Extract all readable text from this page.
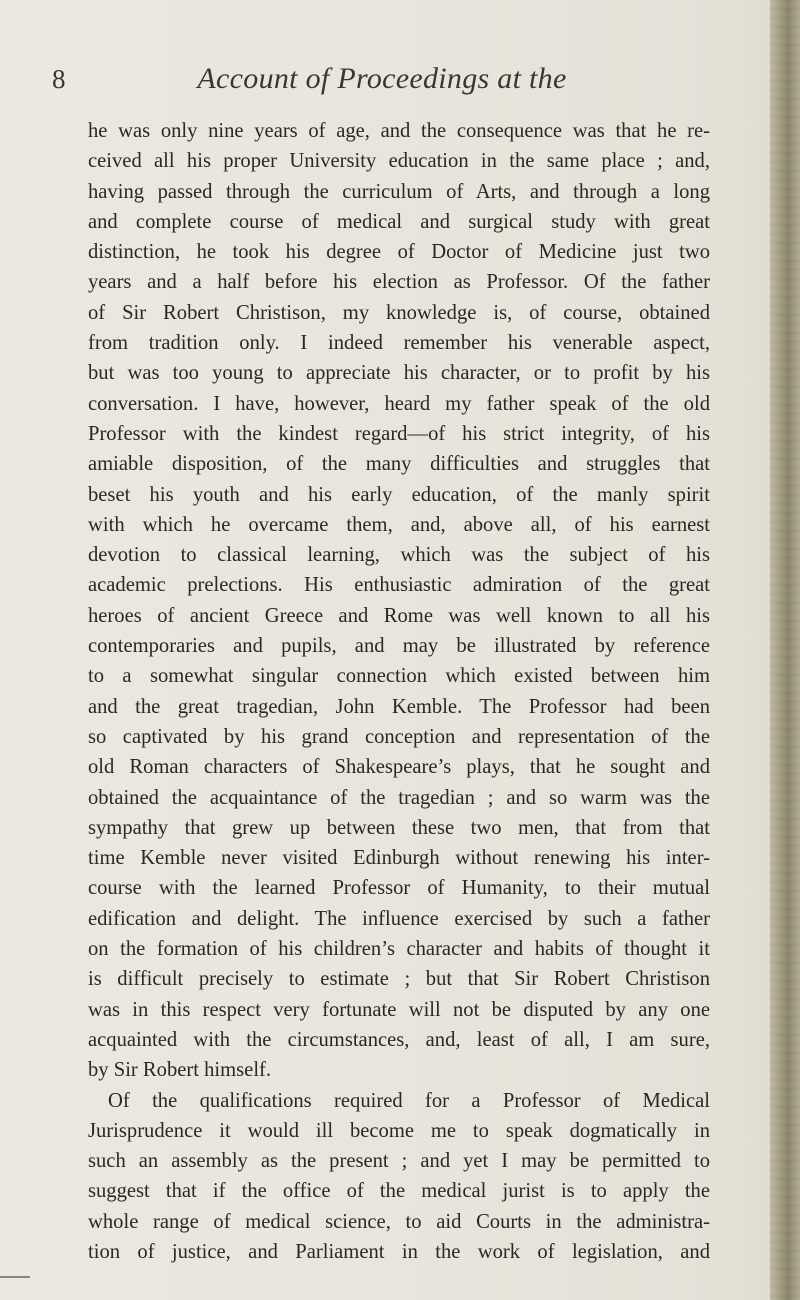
8	Account of Proceedings at the
he was only nine years of age, and the consequence was that he re-
ceived all his proper University education in the same place ; and,
having passed through the curriculum of Arts, and through a long
and complete course of medical and surgical study with great
distinction, he took his degree of Doctor of Medicine just two
years and a half before his election as Professor. Of the father
of Sir Robert Christison, my knowledge is, of course, obtained
from tradition only. I indeed remember his venerable aspect,
but was too young to appreciate his character, or to profit by his
conversation. I have, however, heard my father speak of the old
Professor with the kindest regard—of his strict integrity, of his
amiable disposition, of the many difficulties and struggles that
beset his youth and his early education, of the manly spirit
with which he overcame them, and, above all, of his earnest
devotion to classical learning, which was the subject of his
academic prelections. His enthusiastic admiration of the great
heroes of ancient Greece and Rome was well known to all his
contemporaries and pupils, and may be illustrated by reference
to a somewhat singular connection which existed between him
and the great tragedian, John Kemble. The Professor had been
so captivated by his grand conception and representation of the
old Roman characters of Shakespeare’s plays, that he sought and
obtained the acquaintance of the tragedian ; and so warm was the
sympathy that grew up between these two men, that from that
time Kemble never visited Edinburgh without renewing his inter-
course with the learned Professor of Humanity, to their mutual
edification and delight. The influence exercised by such a father
on the formation of his children’s character and habits of thought it
is difficult precisely to estimate ; but that Sir Robert Christison
was in this respect very fortunate will not be disputed by any one
acquainted with the circumstances, and, least of all, I am sure,
by Sir Robert himself.
Of the qualifications required for a Professor of Medical
Jurisprudence it would ill become me to speak dogmatically in
such an assembly as the present ; and yet I may be permitted to
suggest that if the office of the medical jurist is to apply the
whole range of medical science, to aid Courts in the administra-
tion of justice, and Parliament in the work of legislation, and
